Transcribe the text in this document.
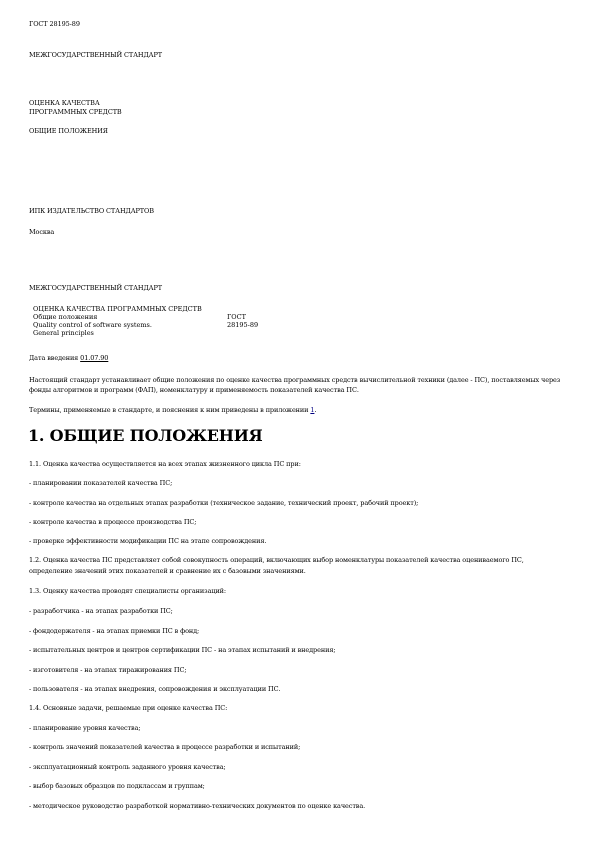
ГОСТ 28195-89
МЕЖГОСУДАРСТВЕННЫЙ СТАНДАРТ
ОЦЕНКА КАЧЕСТВА
ПРОГРАММНЫХ СРЕДСТВ
ОБЩИЕ ПОЛОЖЕНИЯ
ИПК ИЗДАТЕЛЬСТВО СТАНДАРТОВ
Москва
МЕЖГОСУДАРСТВЕННЫЙ СТАНДАРТ
ОЦЕНКА КАЧЕСТВА ПРОГРАММНЫХ СРЕДСТВ	
Общие положения	ГОСТ
Quality control of software systems.	28195-89
General principles	
Дата введения 01.07.90
Настоящий стандарт устанавливает общие положения по оценке качества программных средств вычислительной техники (далее - ПС), поставляемых через фонды алгоритмов и программ (ФАП), номенклатуру и применяемость показателей качества ПС.
Термины, применяемые в стандарте, и пояснения к ним приведены в приложении 1.
1. ОБЩИЕ ПОЛОЖЕНИЯ
1.1. Оценка качества осуществляется на всех этапах жизненного цикла ПС при:
- планировании показателей качества ПС;
- контроле качества на отдельных этапах разработки (техническое задание, технический проект, рабочий проект);
- контроле качества в процессе производства ПС;
- проверке эффективности модификации ПС на этапе сопровождения.
1.2. Оценка качества ПС представляет собой совокупность операций, включающих выбор номенклатуры показателей качества оцениваемого ПС, определение значений этих показателей и сравнение их с базовыми значениями.
1.3. Оценку качества проводят специалисты организаций:
- разработчика - на этапах разработки ПС;
- фондодержателя - на этапах приемки ПС в фонд;
- испытательных центров и центров сертификации ПС - на этапах испытаний и внедрения;
- изготовителя - на этапах тиражирования ПС;
- пользователя - на этапах внедрения, сопровождения и эксплуатации ПС.
1.4. Основные задачи, решаемые при оценке качества ПС:
- планирование уровня качества;
- контроль значений показателей качества в процессе разработки и испытаний;
- эксплуатационный контроль заданного уровня качества;
- выбор базовых образцов по подклассам и группам;
- методическое руководство разработкой нормативно-технических документов по оценке качества.
